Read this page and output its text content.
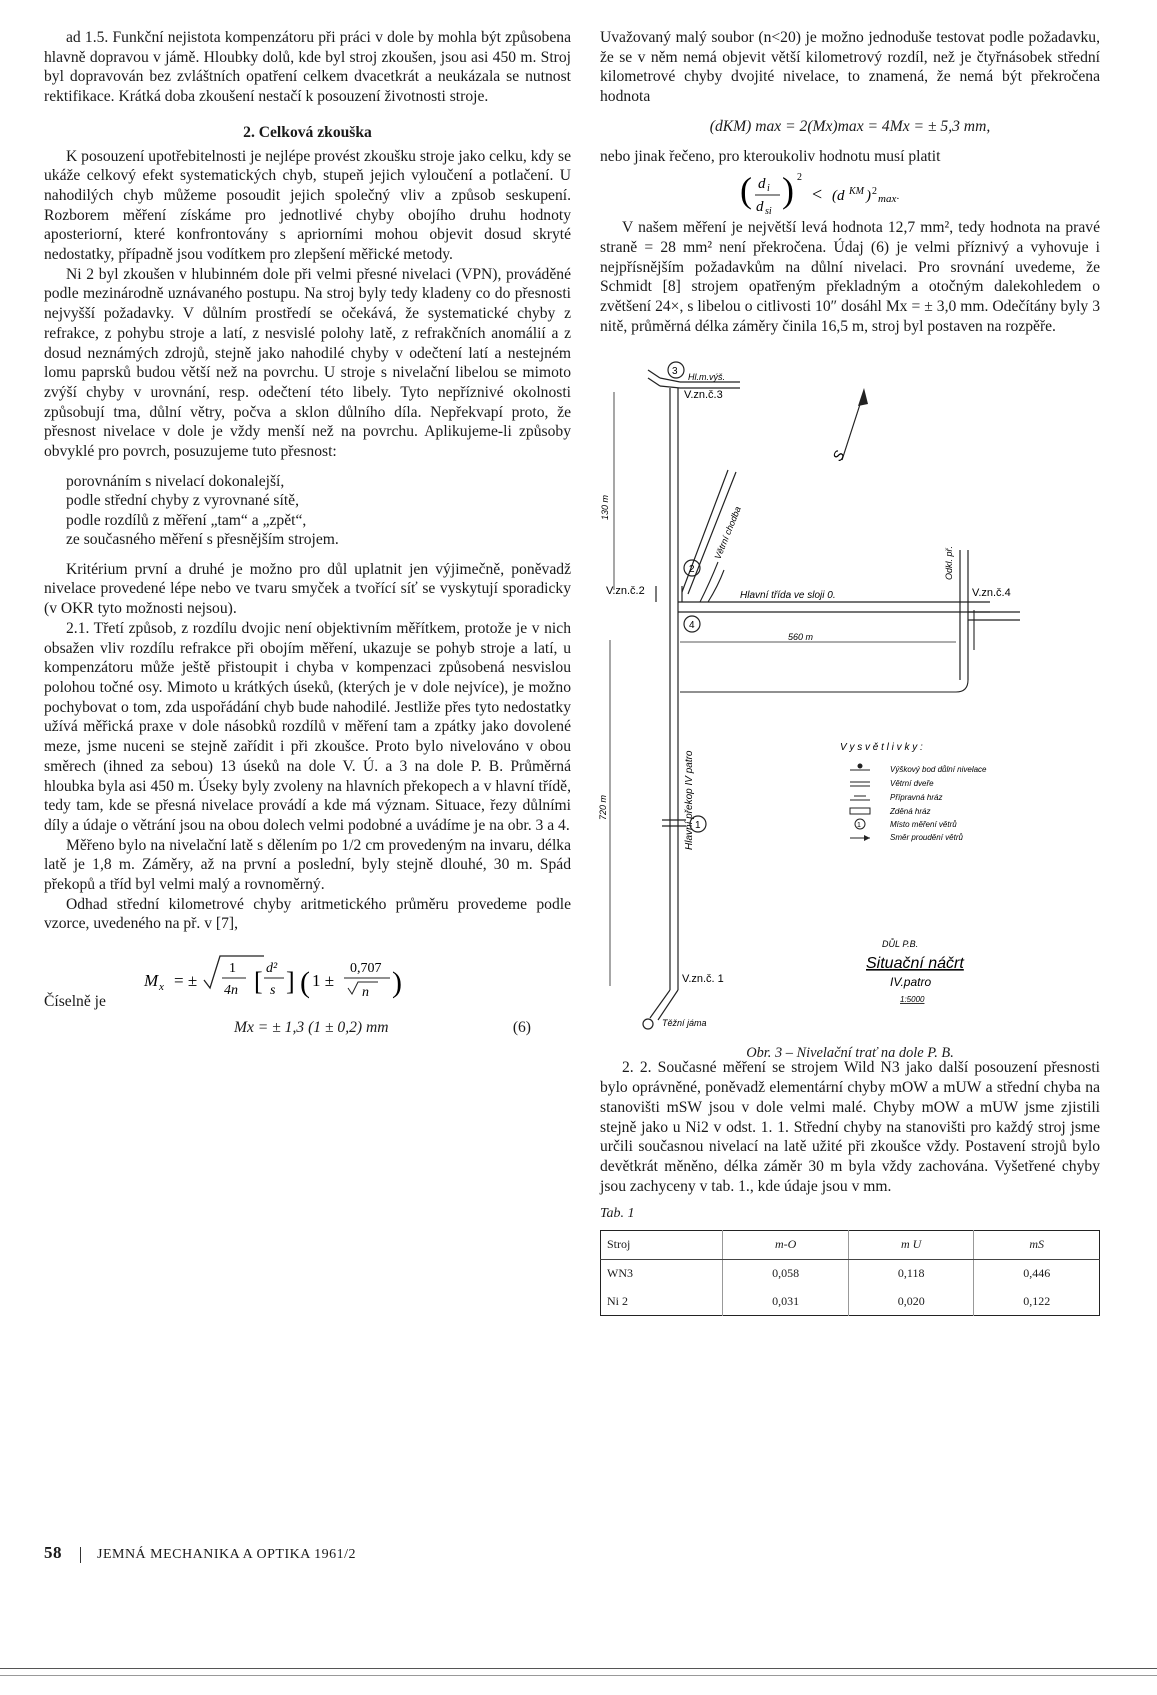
ad 1.5. Funkční nejistota kompenzátoru při práci v dole by mohla být způsobena hlavně dopravou v jámě. Hloubky dolů, kde byl stroj zkoušen, jsou asi 450 m. Stroj byl dopravován bez zvláštních opatření celkem dvacetkrát a neukázala se nutnost rektifikace. Krátká doba zkoušení nestačí k posouzení životnosti stroje.

2. Celková zkouška

K posouzení upotřebitelnosti je nejlépe provést zkoušku stroje jako celku, kdy se ukáže celkový efekt systematických chyb, stupeň jejich vyloučení a potlačení. U nahodilých chyb můžeme posoudit jejich společný vliv a způsob seskupení. Rozborem měření získáme pro jednotlivé chyby obojího druhu hodnoty aposteriorní, které konfrontovány s apriorními mohou objevit dosud skryté nedostatky, případně jsou vodítkem pro zlepšení měřické metody.

Ni 2 byl zkoušen v hlubinném dole při velmi přesné nivelaci (VPN), prováděné podle mezinárodně uznávaného postupu. Na stroj byly tedy kladeny co do přesnosti nejvyšší požadavky. V důlním prostředí se očekává, že systematické chyby z refrakce, z pohybu stroje a latí, z nesvislé polohy latě, z refrakčních anomálií a z dosud neznámých zdrojů, stejně jako nahodilé chyby v odečtení latí a nestejném lomu paprsků budou větší než na povrchu. U stroje s nivelační libelou se mimoto zvýší chyby v urovnání, resp. odečtení této libely. Tyto nepříznivé okolnosti způsobují tma, důlní větry, počva a sklon důlního díla. Nepřekvapí proto, že přesnost nivelace v dole je vždy menší než na povrchu. Aplikujeme-li způsoby obvyklé pro povrch, posuzujeme tuto přesnost:

porovnáním s nivelací dokonalejší,
podle střední chyby z vyrovnané sítě,
podle rozdílů z měření „tam“ a „zpět“,
ze současného měření s přesnějším strojem.

Kritérium první a druhé je možno pro důl uplatnit jen výjimečně, poněvadž nivelace provedené lépe nebo ve tvaru smyček a tvořící síť se vyskytují sporadicky (v OKR tyto možnosti nejsou).

2.1. Třetí způsob, z rozdílu dvojic není objektivním měřítkem, protože je v nich obsažen vliv rozdílu refrakce při obojím měření, ukazuje se pohyb stroje a latí, u kompenzátoru může ještě přistoupit i chyba v kompenzaci způsobená nesvislou polohou točné osy. Mimoto u krátkých úseků, (kterých je v dole nejvíce), je možno pochybovat o tom, zda uspořádání chyb bude nahodilé. Jestliže přes tyto nedostatky užívá měřická praxe v dole násobků rozdílů v měření tam a zpátky jako dovolené meze, jsme nuceni se stejně zařídit i při zkoušce. Proto bylo nivelováno v obou směrech (ihned za sebou) 13 úseků na dole V. Ú. a 3 na dole P. B. Průměrná hloubka byla asi 450 m. Úseky byly zvoleny na hlavních překopech a v hlavní třídě, tedy tam, kde se přesná nivelace provádí a kde má význam. Situace, řezy důlními díly a údaje o větrání jsou na obou dolech velmi podobné a uvádíme je na obr. 3 a 4.

Měřeno bylo na nivelační latě s dělením po 1/2 cm provedeným na invaru, délka latě je 1,8 m. Záměry, až na první a poslední, byly stejně dlouhé, 30 m. Spád překopů a tříd byl velmi malý a rovnoměrný.

Odhad střední kilometrové chyby aritmetického průměru provedeme podle vzorce, uvedeného na př. v [7],

M x = ±
1
4n [ d²
s ] ( 1 ±
0,707
n )

Číselně je

Mx = ± 1,3 (1 ± 0,2) mm	(6)

Uvažovaný malý soubor (n<20) je možno jednoduše testovat podle požadavku, že se v něm nemá objevit větší kilometrový rozdíl, než je čtyřnásobek střední kilometrové chyby dvojité nivelace, to znamená, že nemá být překročena hodnota

(dKM) max = 2(Mx)max = 4Mx = ± 5,3 mm,

nebo jinak řečeno, pro kteroukoliv hodnotu musí platit

( d i
d si
) 2
< (d KM ) 2
max·

V našem měření je největší levá hodnota 12,7 mm², tedy hodnota na pravé straně = 28 mm² není překročena. Údaj (6) je velmi příznivý a vyhovuje i nejpřísnějším požadavkům na důlní nivelaci. Pro srovnání uvedeme, že Schmidt [8] strojem opatřeným překladným a otočným dalekohledem o zvětšení 24×, s libelou o citlivosti 10″ dosáhl Mx = ± 3,0 mm. Odečítány byly 3 nitě, průměrná délka záměry činila 16,5 m, stroj byl postaven na rozpěře.

3 Hl.m.výš.
V.zn.č.3
130 m
S
Větrní chodba
2
V.zn.č.2	Hlavní třída ve sloji 0.
4
Odkl. př.
V.zn.č.4
560 m
720 m	Hlavní překop IV patro 1
V.zn.č. 1
Těžní jáma
V y s v ě t l i v k y :
Výškový bod důlní nivelace
Větrní dveře
Přípravná hráz
Zděná hráz
1	Místo měření větrů
Směr proudění větrů
DŮL P.B.
Situační náčrt
IV.patro
1:5000
Obr. 3 – Nivelační trať na dole P. B.

2. 2. Současné měření se strojem Wild N3 jako další posouzení přesnosti bylo oprávněné, poněvadž elementární chyby mOW a mUW a střední chyba na stanovišti mSW jsou v dole velmi malé. Chyby mOW a mUW jsme zjistili stejně jako u Ni2 v odst. 1. 1. Střední chyby na stanovišti pro každý stroj jsme určili současnou nivelací na latě užité při zkoušce vždy. Postavení strojů bylo devětkrát měněno, délka záměr 30 m byla vždy zachována. Vyšetřené chyby jsou zachyceny v tab. 1., kde údaje jsou v mm.

Tab. 1
Stroj	m-O	m U	mS
WN3	0,058	0,118	0,446
Ni 2	0,031	0,020	0,122
58	JEMNÁ MECHANIKA A OPTIKA 1961/2
